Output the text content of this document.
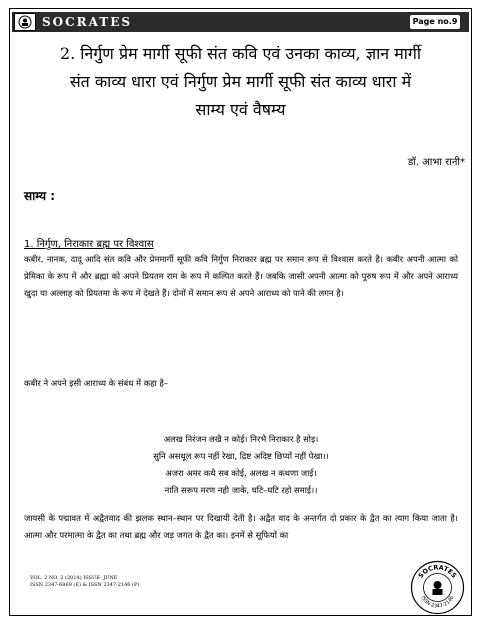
SOCRATES	Page no.9
2. निर्गुण प्रेम मार्गी सूफी संत कवि एवं उनका काव्य, ज्ञान मार्गी
संत काव्य धारा एवं निर्गुण प्रेम मार्गी सूफी संत काव्य धारा में
साम्य एवं वैषम्य
डॉ. आभा रानी*
साम्य :
1. निर्गुण, निराकार ब्रह्म पर विश्वास
कबीर, नानक, दादू आदि संत कवि और प्रेममार्गी सूफी कवि निर्गुण निराकार ब्रह्म पर समान रूप से विश्वास करते है। कबीर अपनी आत्मा को प्रेमिका के रूप में और ब्रह्मा को अपने प्रियतम राम के रूप में कल्पित करते हैं। जबकि जासी अपनी आत्मा को पुरुष रूप में और अपने आराध्य खुदा या अल्लाह को प्रियतमा के रूप में देखते हैं। दोनों में समान रूप से अपने आराध्य को पाने की लगन है।
कबीर ने अपने इसी आराध्य के संबंध में कहा है–
अलख निरंजन लखै न कोई। निरभै निराकार है सोइ।
सुनि असथूल रूप नहीं रेखा, द्रिष्ट अदिष्ट छिप्यों नहीं पेखा।।
अजरा अमर कथै सब कोई, अलख न कथणा जाई।
नाति सरूप मरण नही जाके, घटि–घटि रहो समाई।।
जायसी के पद्मावत में अद्वैतवाद की झलक स्थान–स्थान पर दिखायी देती है। अद्वैत वाद के अन्तर्गत दो प्रकार के द्वैत का त्याग किया जाता है। आत्मा और परमात्मा के द्वैत का तथा ब्रह्म और जड़ जगत के द्वैत का। इनमें से सूफियों का
VOL. 2 NO. 2 (2014) ISSUE- JUNE
ISSN 2347-6869 (E) & ISSN 2347-2146 (P)
SOCRATES
ISSN 2347-2146
